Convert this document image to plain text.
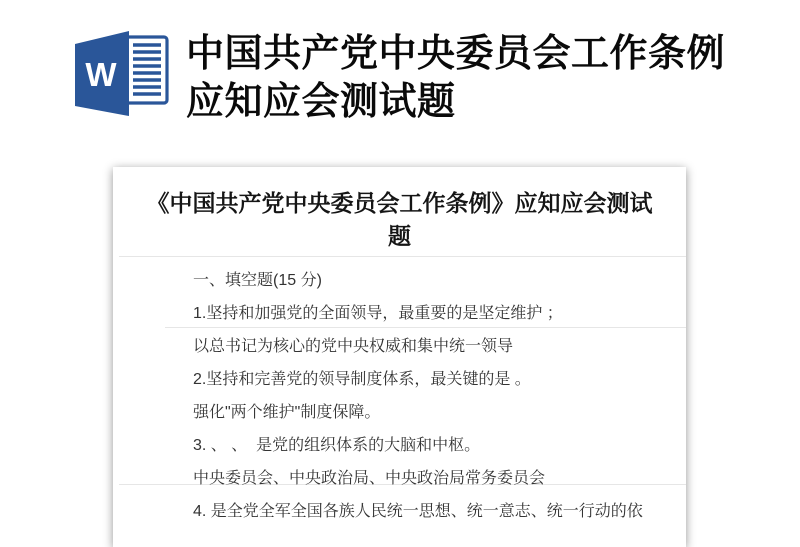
W 中国共产党中央委员会工作条例
应知应会测试题
《中国共产党中央委员会工作条例》应知应会测试
题
一、填空题(15 分)
1.坚持和加强党的全面领导，最重要的是坚定维护 ；
以总书记为核心的党中央权威和集中统一领导
2.坚持和完善党的领导制度体系，最关键的是 。
强化"两个维护"制度保障。
3. 、 、  是党的组织体系的大脑和中枢。
中央委员会、中央政治局、中央政治局常务委员会
4. 是全党全军全国各族人民统一思想、统一意志、统一行动的依
